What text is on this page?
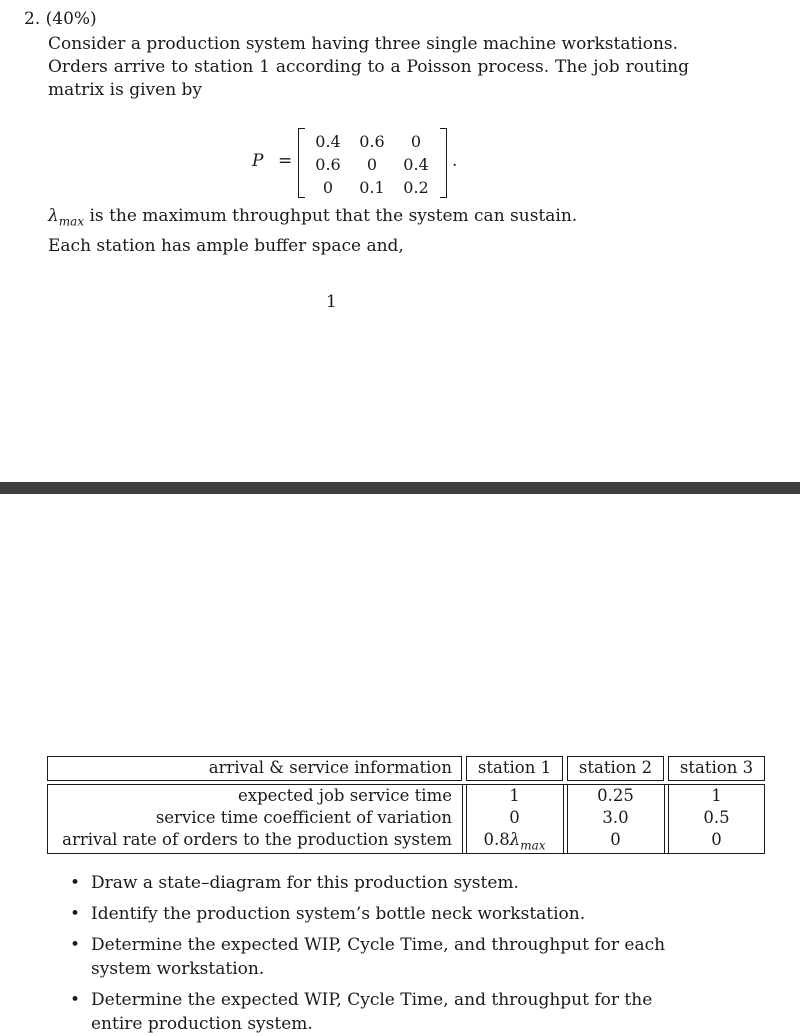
2. (40%)
Consider a production system having three single machine workstations.
Orders arrive to station 1 according to a Poisson process. The job routing
matrix is given by
P =
0.4	0.6	0
0.6	0	0.4
0	0.1	0.2
.
$\lambda_{max}$ is the maximum throughput that the system can sustain.
Each station has ample buffer space and,
1
arrival & service information	station 1	station 2	station 3
expected job service time	1	0.25	1
service time coefficient of variation	0	3.0	0.5
arrival rate of orders to the production system	$0.8\lambda_{max}$	0	0
• Draw a state–diagram for this production system.
• Identify the production system’s bottle neck workstation.
• Determine the expected WIP, Cycle Time, and throughput for each system workstation.
• Determine the expected WIP, Cycle Time, and throughput for the entire production system.
